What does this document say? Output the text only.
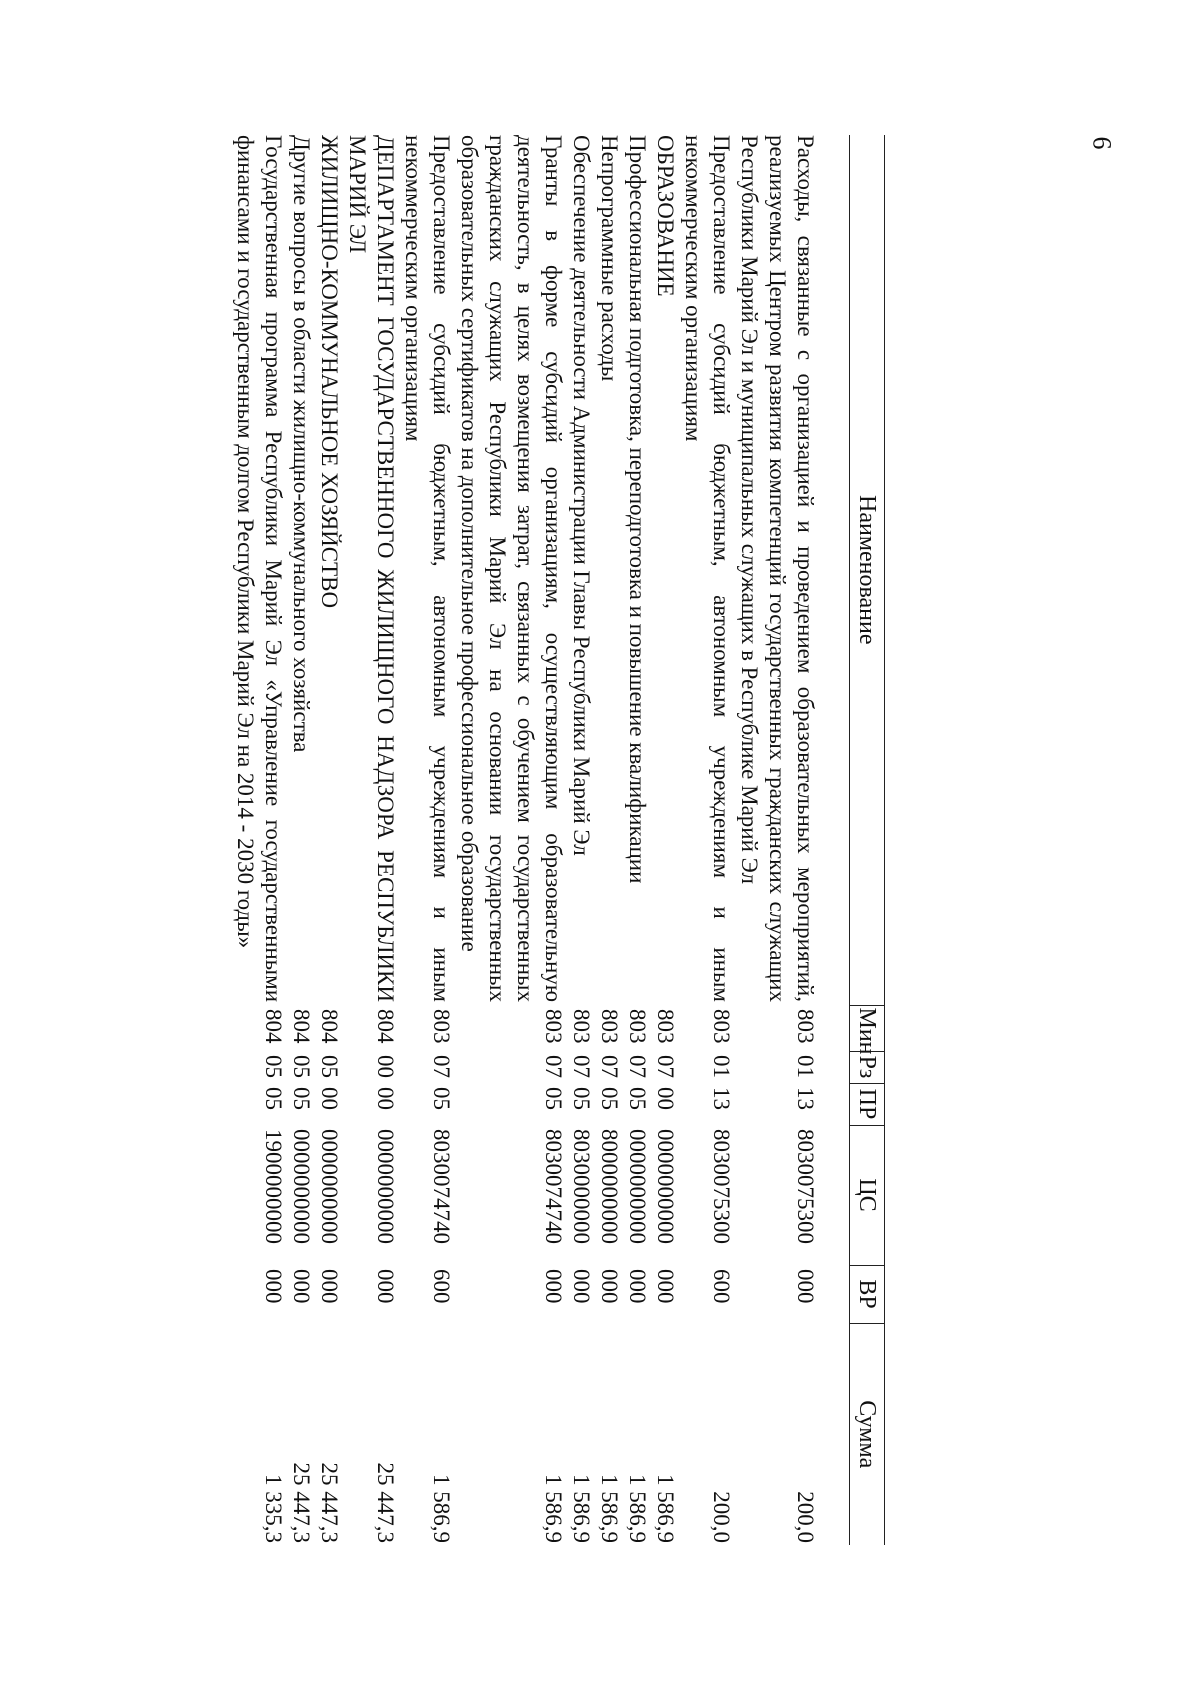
6
Наименование	Мин	Рз	ПР	ЦС	ВР	Сумма
Расходы, связанные с организацией и проведением образовательных мероприятий, реализуемых Центром развития компетенций государственных гражданских служащих Республики Марий Эл и муниципальных служащих в Республике Марий Эл	803	01	13	8030075300	000	200,0
Предоставление субсидий бюджетным, автономным учреждениям и иным некоммерческим организациям	803	01	13	8030075300	600	200,0
ОБРАЗОВАНИЕ	803	07	00	0000000000	000	1 586,9
Профессиональная подготовка, переподготовка и повышение квалификации	803	07	05	0000000000	000	1 586,9
Непрограммные расходы	803	07	05	8000000000	000	1 586,9
Обеспечение деятельности Администрации Главы Республики Марий Эл	803	07	05	8030000000	000	1 586,9
Гранты в форме субсидий организациям, осуществляющим образовательную деятельность, в целях возмещения затрат, связанных с обучением государственных гражданских служащих Республики Марий Эл на основании государственных образовательных сертификатов на дополнительное профессиональное образование	803	07	05	8030074740	000	1 586,9
Предоставление субсидий бюджетным, автономным учреждениям и иным некоммерческим организациям	803	07	05	8030074740	600	1 586,9
ДЕПАРТАМЕНТ ГОСУДАРСТВЕННОГО ЖИЛИЩНОГО НАДЗОРА РЕСПУБЛИКИ МАРИЙ ЭЛ	804	00	00	0000000000	000	25 447,3
ЖИЛИЩНО-КОММУНАЛЬНОЕ ХОЗЯЙСТВО	804	05	00	0000000000	000	25 447,3
Другие вопросы в области жилищно-коммунального хозяйства	804	05	05	0000000000	000	25 447,3
Государственная программа Республики Марий Эл «Управление государственными финансами и государственным долгом Республики Марий Эл на 2014 - 2030 годы»	804	05	05	1900000000	000	1 335,3
